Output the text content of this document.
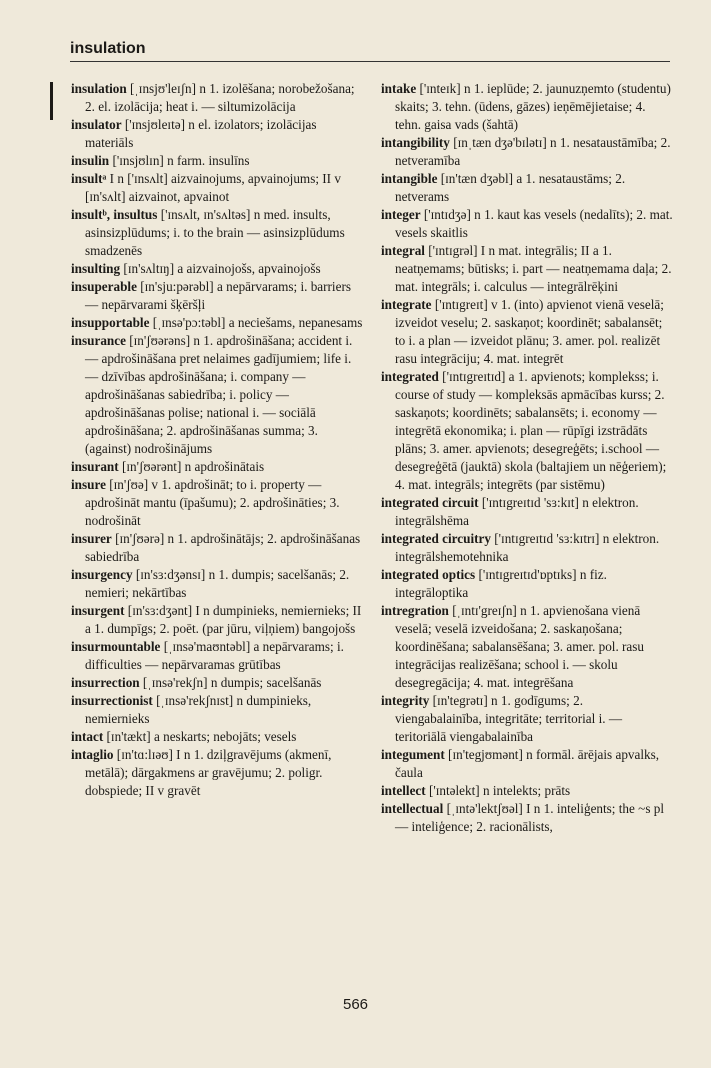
insulation
insulation [ˌɪnsjʊ'leɪʃn] n 1. izolēšana; norobežošana; 2. el. izolācija; heat i. — siltumizolācija
insulator ['ɪnsjʊleɪtə] n el. izolators; izolācijas materiāls
insulin ['ɪnsjʊlɪn] n farm. insulīns
insultᵃ I n ['ɪnsʌlt] aizvainojums, apvainojums; II v [ɪn'sʌlt] aizvainot, apvainot
insultᵇ, insultus ['ɪnsʌlt, ɪn'sʌltəs] n med. insults, asinsizplūdums; i. to the brain — asinsizplūdums smadzenēs
insulting [ɪn'sʌltɪŋ] a aizvainojošs, apvainojošs
insuperable [ɪn'sju:pərəbl] a nepārvarams; i. barriers — nepārvarami šķēršļi
insupportable [ˌɪnsə'pɔ:təbl] a neciešams, nepanesams
insurance [ɪn'ʃʊərəns] n 1. apdrošināšana; accident i. — apdrošināšana pret nelaimes gadījumiem; life i. — dzīvības apdrošināšana; i. company — apdrošināšanas sabiedrība; i. policy — apdrošināšanas polise; national i. — sociālā apdrošināšana; 2. apdrošināšanas summa; 3. (against) nodrošinājums
insurant [ɪn'ʃʊərənt] n apdrošinātais
insure [ɪn'ʃʊə] v 1. apdrošināt; to i. property — apdrošināt mantu (īpašumu); 2. apdrošināties; 3. nodrošināt
insurer [ɪn'ʃʊərə] n 1. apdrošinātājs; 2. apdrošināšanas sabiedrība
insurgency [ɪn'sɜ:dʒənsɪ] n 1. dumpis; sacelšanās; 2. nemieri; nekārtības
insurgent [ɪn'sɜ:dʒənt] I n dumpinieks, nemiernieks; II a 1. dumpīgs; 2. poēt. (par jūru, viļņiem) bangojošs
insurmountable [ˌɪnsə'maʊntəbl] a nepārvarams; i. difficulties — nepārvaramas grūtības
insurrection [ˌɪnsə'rekʃn] n dumpis; sacelšanās
insurrectionist [ˌɪnsə'rekʃnɪst] n dumpinieks, nemiernieks
intact [ɪn'tækt] a neskarts; nebojāts; vesels
intaglio [ɪn'tɑ:lɪəʊ] I n 1. dziļgravējums (akmenī, metālā); dārgakmens ar gravējumu; 2. poligr. dobspiede; II v gravēt
intake ['ɪnteɪk] n 1. ieplūde; 2. jaunuzņemto (studentu) skaits; 3. tehn. (ūdens, gāzes) ieņēmējietaise; 4. tehn. gaisa vads (šahtā)
intangibility [ɪnˌtæn dʒə'bɪlətɪ] n 1. nesataustāmība; 2. netveramība
intangible [ɪn'tæn dʒəbl] a 1. nesataustāms; 2. netverams
integer ['ɪntɪdʒə] n 1. kaut kas vesels (nedalīts); 2. mat. vesels skaitlis
integral ['ɪntɪgrəl] I n mat. integrālis; II a 1. neatņemams; būtisks; i. part — neatņemama daļa; 2. mat. integrāls; i. calculus — integrālrēķini
integrate ['ɪntɪgreɪt] v 1. (into) apvienot vienā veselā; izveidot veselu; 2. saskaņot; koordinēt; sabalansēt; to i. a plan — izveidot plānu; 3. amer. pol. realizēt rasu integrāciju; 4. mat. integrēt
integrated ['ɪntɪgreɪtɪd] a 1. apvienots; komplekss; i. course of study — kompleksās apmācības kurss; 2. saskaņots; koordinēts; sabalansēts; i. economy — integrētā ekonomika; i. plan — rūpīgi izstrādāts plāns; 3. amer. apvienots; desegreģēts; i.school — desegreģētā (jauktā) skola (baltajiem un nēģeriem); 4. mat. integrāls; integrēts (par sistēmu)
integrated circuit ['ɪntɪgreɪtɪd 'sɜ:kɪt] n elektron. integrālshēma
integrated circuitry ['ɪntɪgreɪtɪd 'sɜ:kɪtrɪ] n elektron. integrālshemotehnika
integrated optics ['ɪntɪgreɪtɪd'ɒptɪks] n fiz. integrāloptika
intregration [ˌɪntɪ'greɪʃn] n 1. apvienošana vienā veselā; veselā izveidošana; 2. saskaņošana; koordinēšana; sabalansēšana; 3. amer. pol. rasu integrācijas realizēšana; school i. — skolu desegregācija; 4. mat. integrēšana
integrity [ɪn'tegrətɪ] n 1. godīgums; 2. viengabalainība, integritāte; territorial i. — teritoriālā viengabalainība
integument [ɪn'tegjʊmənt] n formāl. ārējais apvalks, čaula
intellect ['ɪntəlekt] n intelekts; prāts
intellectual [ˌɪntə'lektʃʊəl] I n 1. inteliģents; the ~s pl — inteliģence; 2. racionālists,
566
